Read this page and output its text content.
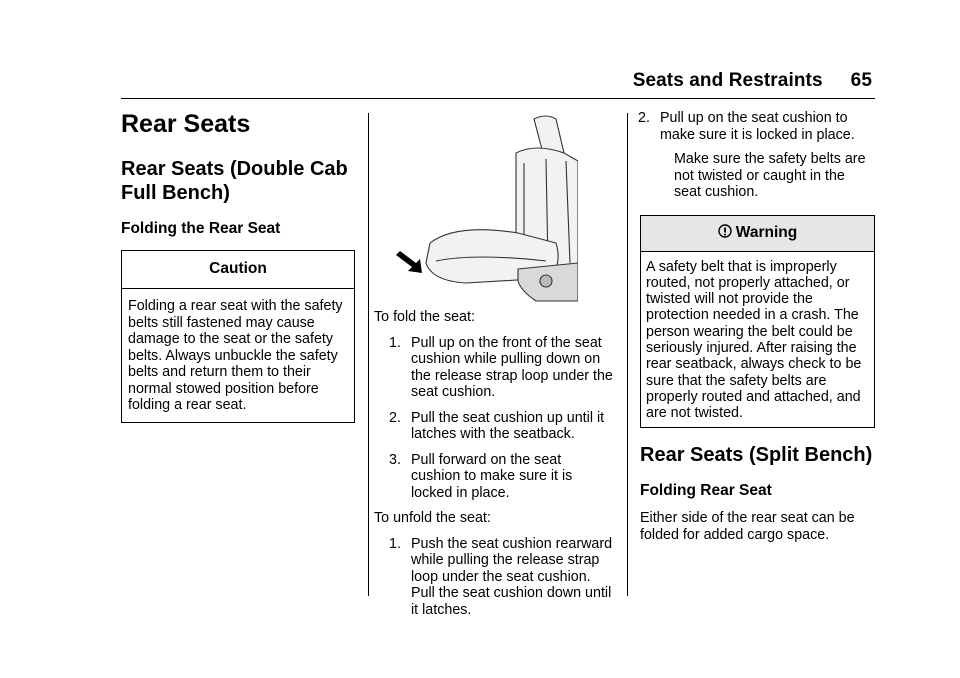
Seats and Restraints 65
Rear Seats
Rear Seats (Double Cab Full Bench)
Folding the Rear Seat
Caution
Folding a rear seat with the safety belts still fastened may cause damage to the seat or the safety belts. Always unbuckle the safety belts and return them to their normal stowed position before folding a rear seat.
To fold the seat:
1. Pull up on the front of the seat cushion while pulling down on the release strap loop under the seat cushion.
2. Pull the seat cushion up until it latches with the seatback.
3. Pull forward on the seat cushion to make sure it is locked in place.
To unfold the seat:
1. Push the seat cushion rearward while pulling the release strap loop under the seat cushion. Pull the seat cushion down until it latches.
2. Pull up on the seat cushion to make sure it is locked in place.
Make sure the safety belts are not twisted or caught in the seat cushion.
Warning
A safety belt that is improperly routed, not properly attached, or twisted will not provide the protection needed in a crash. The person wearing the belt could be seriously injured. After raising the rear seatback, always check to be sure that the safety belts are properly routed and attached, and are not twisted.
Rear Seats (Split Bench)
Folding Rear Seat
Either side of the rear seat can be folded for added cargo space.
